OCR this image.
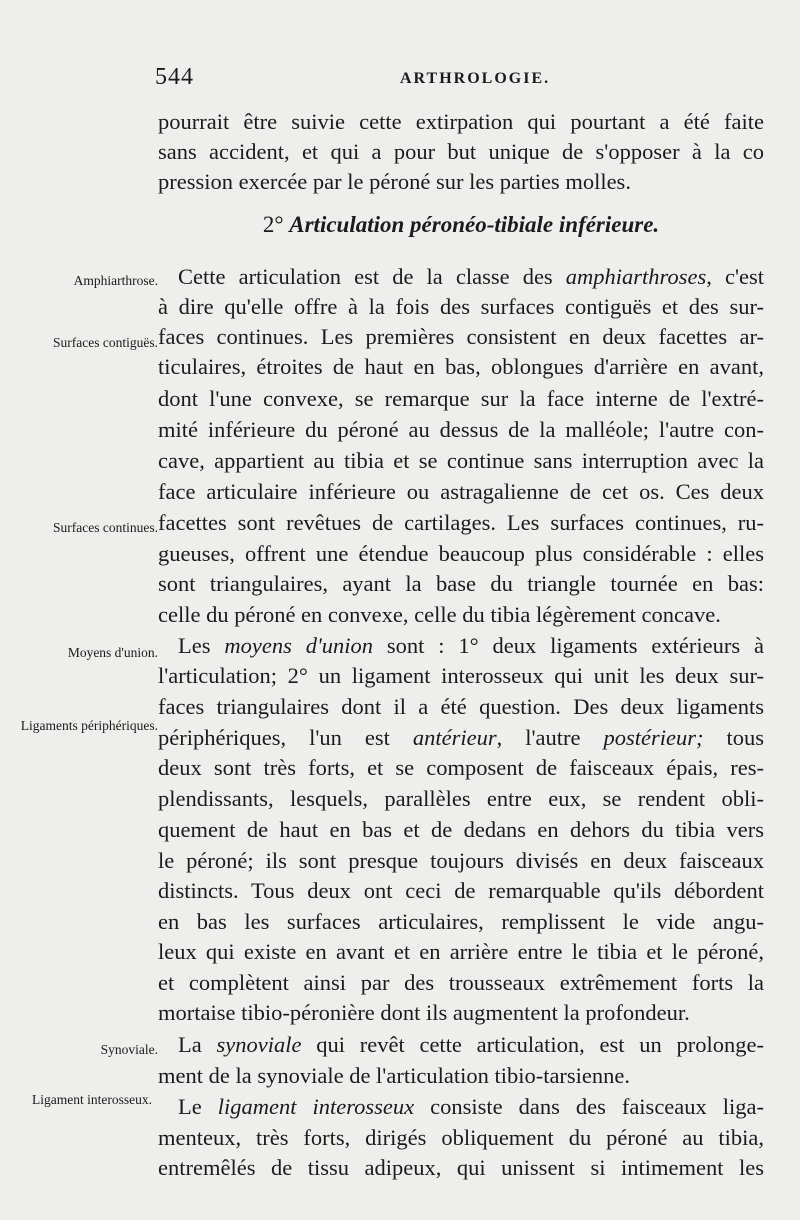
544	ARTHROLOGIE.
pourrait être suivie cette extirpation qui pourtant a été faite
sans accident, et qui a pour but unique de s'opposer à la co
pression exercée par le péroné sur les parties molles.
2° Articulation péronéo-tibiale inférieure.
Amphiarthrose. Cette articulation est de la classe des amphiarthroses, c'est
à dire qu'elle offre à la fois des surfaces contiguës et des sur-
Surfaces contiguës. faces continues. Les premières consistent en deux facettes ar-
ticulaires, étroites de haut en bas, oblongues d'arrière en avant,
dont l'une convexe, se remarque sur la face interne de l'extré-
mité inférieure du péroné au dessus de la malléole; l'autre con-
cave, appartient au tibia et se continue sans interruption avec la
face articulaire inférieure ou astragalienne de cet os. Ces deux
Surfaces continues. facettes sont revêtues de cartilages. Les surfaces continues, ru-
gueuses, offrent une étendue beaucoup plus considérable : elles
sont triangulaires, ayant la base du triangle tournée en bas:
celle du péroné en convexe, celle du tibia légèrement concave.
Moyens d'union. Les moyens d'union sont : 1° deux ligaments extérieurs à
l'articulation; 2° un ligament interosseux qui unit les deux sur-
faces triangulaires dont il a été question. Des deux ligaments
Ligaments périphériques. périphériques, l'un est antérieur, l'autre postérieur; tous
deux sont très forts, et se composent de faisceaux épais, res-
plendissants, lesquels, parallèles entre eux, se rendent obli-
quement de haut en bas et de dedans en dehors du tibia vers
le péroné; ils sont presque toujours divisés en deux faisceaux
distincts. Tous deux ont ceci de remarquable qu'ils débordent
en bas les surfaces articulaires, remplissent le vide angu-
leux qui existe en avant et en arrière entre le tibia et le péroné,
et complètent ainsi par des trousseaux extrêmement forts la
mortaise tibio-péronière dont ils augmentent la profondeur.
Synoviale. La synoviale qui revêt cette articulation, est un prolonge-
ment de la synoviale de l'articulation tibio-tarsienne.
Ligament interosseux. Le ligament interosseux consiste dans des faisceaux liga-
menteux, très forts, dirigés obliquement du péroné au tibia,
entremêlés de tissu adipeux, qui unissent si intimement les
